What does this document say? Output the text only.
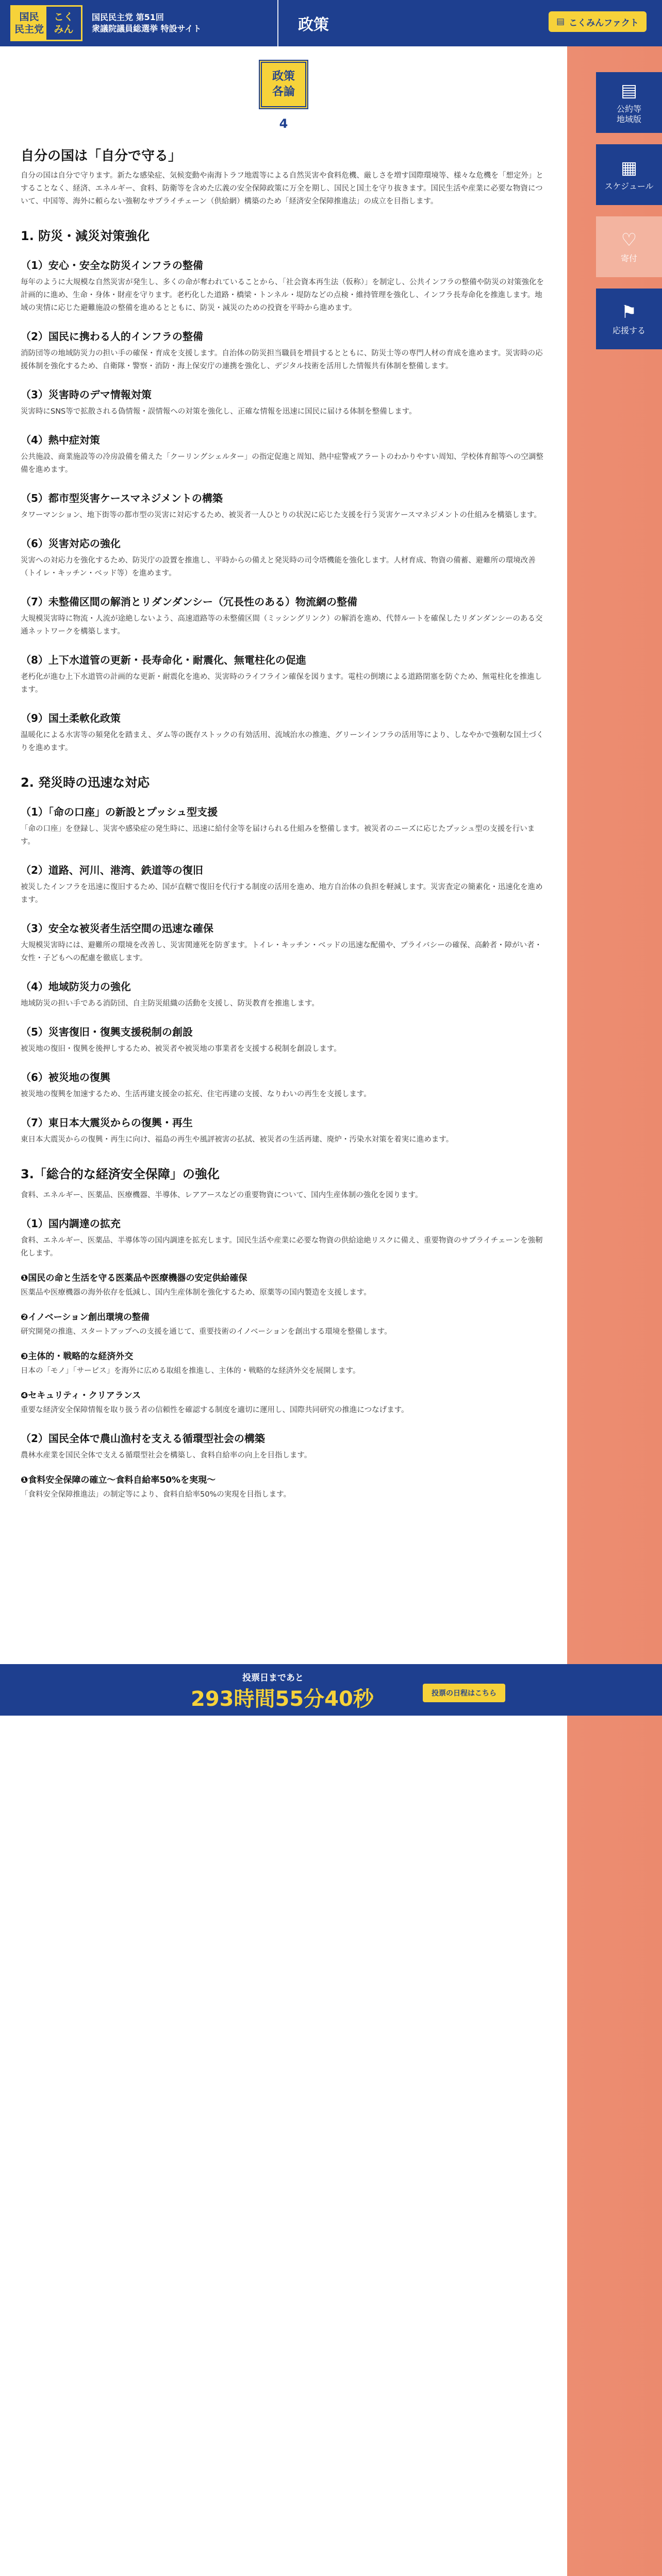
国民
民主党
こく
みん
国民民主党 第51回
衆議院議員総選挙 特設サイト	政策	▤ こくみんファクト
▤
公約等
地域版
▦
スケジュール
♡
寄付
⚑
応援する
政策
各論
4
自分の国は「自分で守る」

自分の国は自分で守ります。新たな感染症、気候変動や南海トラフ地震等による自然災害や食料危機、厳しさを増す国際環境等、様々な危機を「想定外」とすることなく、経済、エネルギー、食料、防衛等を含めた広義の安全保障政策に万全を期し、国民と国土を守り抜きます。国民生活や産業に必要な物資について、中国等、海外に頼らない強靭なサプライチェーン（供給網）構築のため「経済安全保障推進法」の成立を目指します。

1. 防災・減災対策強化
（1）安心・安全な防災インフラの整備

毎年のように大規模な自然災害が発生し、多くの命が奪われていることから、「社会資本再生法（仮称）」を制定し、公共インフラの整備や防災の対策強化を計画的に進め、生命・身体・財産を守ります。老朽化した道路・橋梁・トンネル・堤防などの点検・維持管理を強化し、インフラ長寿命化を推進します。地域の実情に応じた避難施設の整備を進めるとともに、防災・減災のための投資を平時から進めます。

（2）国民に携わる人的インフラの整備

消防団等の地域防災力の担い手の確保・育成を支援します。自治体の防災担当職員を増員するとともに、防災士等の専門人材の育成を進めます。災害時の応援体制を強化するため、自衛隊・警察・消防・海上保安庁の連携を強化し、デジタル技術を活用した情報共有体制を整備します。

（3）災害時のデマ情報対策

災害時にSNS等で拡散される偽情報・誤情報への対策を強化し、正確な情報を迅速に国民に届ける体制を整備します。

（4）熱中症対策

公共施設、商業施設等の冷房設備を備えた「クーリングシェルター」の指定促進と周知、熱中症警戒アラートのわかりやすい周知、学校体育館等への空調整備を進めます。

（5）都市型災害ケースマネジメントの構築

タワーマンション、地下街等の都市型の災害に対応するため、被災者一人ひとりの状況に応じた支援を行う災害ケースマネジメントの仕組みを構築します。

（6）災害対応の強化

災害への対応力を強化するため、防災庁の設置を推進し、平時からの備えと発災時の司令塔機能を強化します。人材育成、物資の備蓄、避難所の環境改善（トイレ・キッチン・ベッド等）を進めます。

（7）未整備区間の解消とリダンダンシー（冗長性のある）物流網の整備

大規模災害時に物流・人流が途絶しないよう、高速道路等の未整備区間（ミッシングリンク）の解消を進め、代替ルートを確保したリダンダンシーのある交通ネットワークを構築します。

（8）上下水道管の更新・長寿命化・耐震化、無電柱化の促進

老朽化が進む上下水道管の計画的な更新・耐震化を進め、災害時のライフライン確保を図ります。電柱の倒壊による道路閉塞を防ぐため、無電柱化を推進します。

（9）国土柔軟化政策

温暖化による水害等の頻発化を踏まえ、ダム等の既存ストックの有効活用、流域治水の推進、グリーンインフラの活用等により、しなやかで強靭な国土づくりを進めます。

2. 発災時の迅速な対応
（1）「命の口座」の新設とプッシュ型支援

「命の口座」を登録し、災害や感染症の発生時に、迅速に給付金等を届けられる仕組みを整備します。被災者のニーズに応じたプッシュ型の支援を行います。

（2）道路、河川、港湾、鉄道等の復旧

被災したインフラを迅速に復旧するため、国が直轄で復旧を代行する制度の活用を進め、地方自治体の負担を軽減します。災害査定の簡素化・迅速化を進めます。

（3）安全な被災者生活空間の迅速な確保

大規模災害時には、避難所の環境を改善し、災害関連死を防ぎます。トイレ・キッチン・ベッドの迅速な配備や、プライバシーの確保、高齢者・障がい者・女性・子どもへの配慮を徹底します。

（4）地域防災力の強化

地域防災の担い手である消防団、自主防災組織の活動を支援し、防災教育を推進します。

（5）災害復旧・復興支援税制の創設

被災地の復旧・復興を後押しするため、被災者や被災地の事業者を支援する税制を創設します。

（6）被災地の復興

被災地の復興を加速するため、生活再建支援金の拡充、住宅再建の支援、なりわいの再生を支援します。

（7）東日本大震災からの復興・再生

東日本大震災からの復興・再生に向け、福島の再生や風評被害の払拭、被災者の生活再建、廃炉・汚染水対策を着実に進めます。

3.「総合的な経済安全保障」の強化

食料、エネルギー、医薬品、医療機器、半導体、レアアースなどの重要物資について、国内生産体制の強化を図ります。

（1）国内調達の拡充

食料、エネルギー、医薬品、半導体等の国内調達を拡充します。国民生活や産業に必要な物資の供給途絶リスクに備え、重要物資のサプライチェーンを強靭化します。

❶国民の命と生活を守る医薬品や医療機器の安定供給確保

医薬品や医療機器の海外依存を低減し、国内生産体制を強化するため、原薬等の国内製造を支援します。

❷イノベーション創出環境の整備

研究開発の推進、スタートアップへの支援を通じて、重要技術のイノベーションを創出する環境を整備します。

❸主体的・戦略的な経済外交

日本の「モノ」「サービス」を海外に広める取組を推進し、主体的・戦略的な経済外交を展開します。

❹セキュリティ・クリアランス

重要な経済安全保障情報を取り扱う者の信頼性を確認する制度を適切に運用し、国際共同研究の推進につなげます。

（2）国民全体で農山漁村を支える循環型社会の構築

農林水産業を国民全体で支える循環型社会を構築し、食料自給率の向上を目指します。

❶食料安全保障の確立～食料自給率50%を実現～

「食料安全保障推進法」の制定等により、食料自給率50%の実現を目指します。

投票日まであと
293時間55分40秒	投票の日程はこちら
